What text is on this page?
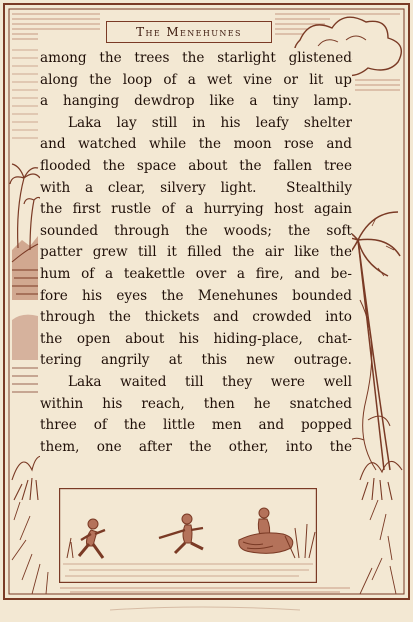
The Menehunes

among the trees the starlight glistened
along the loop of a wet vine or lit up
a hanging dewdrop like a tiny lamp.

Laka lay still in his leafy shelter
and watched while the moon rose and
flooded the space about the fallen tree
with a clear, silvery light.  Stealthily
the first rustle of a hurrying host again
sounded through the woods; the soft
patter grew till it filled the air like the
hum of a teakettle over a fire, and be-
fore his eyes the Menehunes bounded
through the thickets and crowded into
the open about his hiding-place, chat-
tering angrily at this new outrage.

Laka waited till they were well
within his reach, then he snatched
three of the little men and popped
them, one after the other, into the
